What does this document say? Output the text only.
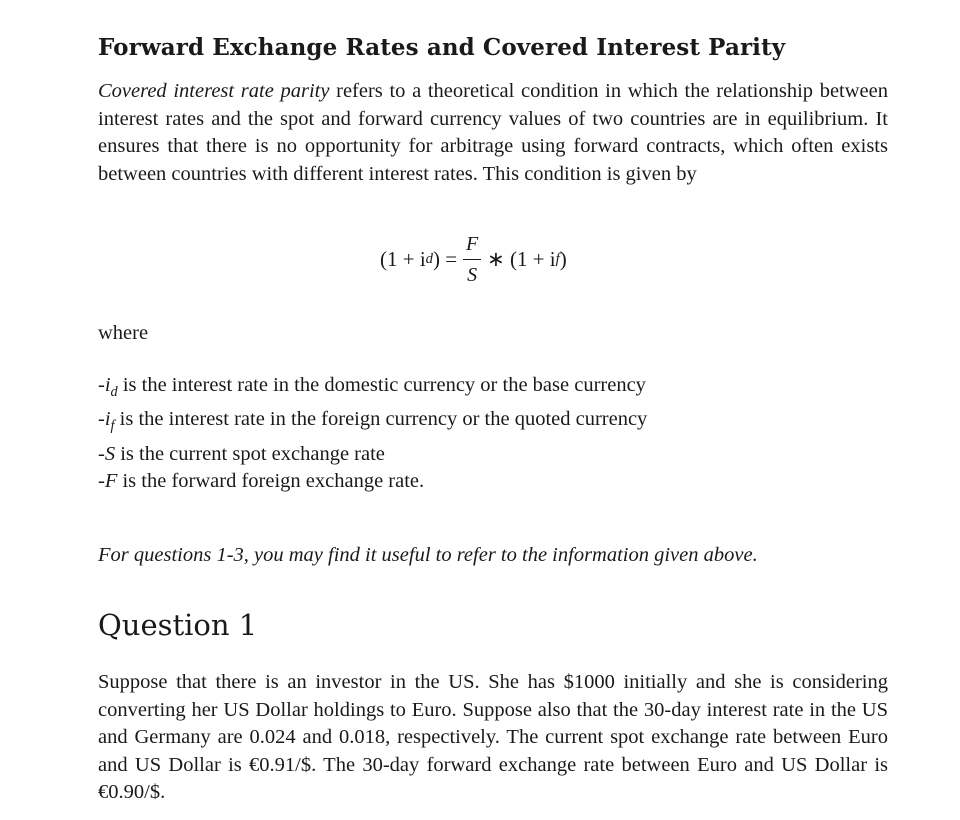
Forward Exchange Rates and Covered Interest Parity

Covered interest rate parity refers to a theoretical condition in which the relationship between interest rates and the spot and forward currency values of two countries are in equilibrium. It ensures that there is no opportunity for arbitrage using forward contracts, which often exists between countries with different interest rates. This condition is given by

(1 + i d ) = $\frac{F}{S}$ ∗ (1 + i f )

where

$-i_d$ is the interest rate in the domestic currency or the base currency

$-i_f$ is the interest rate in the foreign currency or the quoted currency

-S is the current spot exchange rate

-F is the forward foreign exchange rate.

For questions 1-3, you may find it useful to refer to the information given above.

Question 1

Suppose that there is an investor in the US. She has $1000 initially and she is considering converting her US Dollar holdings to Euro. Suppose also that the 30-day interest rate in the US and Germany are 0.024 and 0.018, respectively. The current spot exchange rate between Euro and US Dollar is €0.91/$. The 30-day forward exchange rate between Euro and US Dollar is €0.90/$.
